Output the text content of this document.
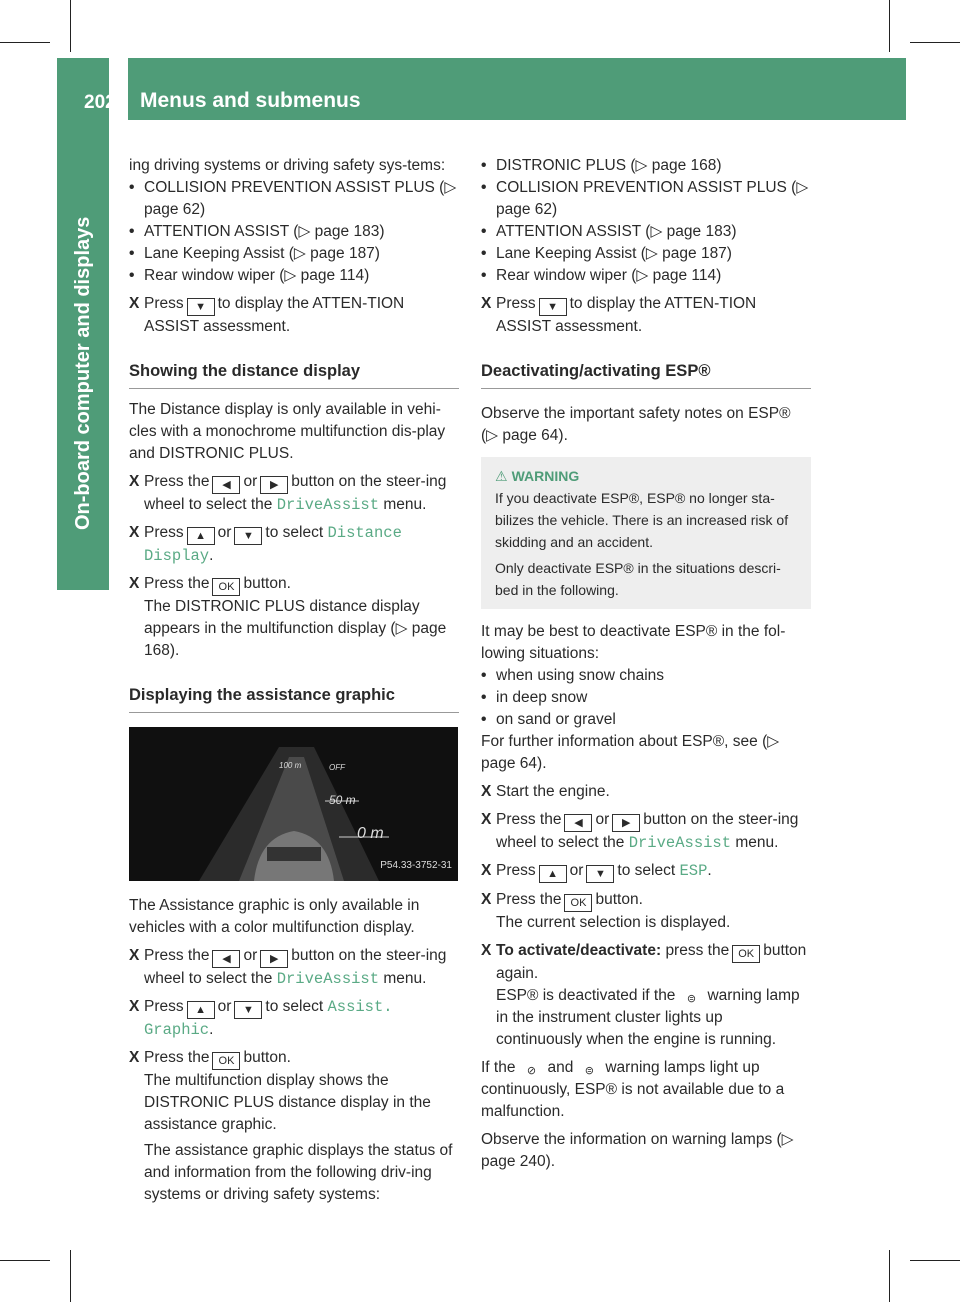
202 Menus and submenus
On-board computer and displays

ing driving systems or driving safety sys-tems:

• COLLISION PREVENTION ASSIST PLUS (▷ page 62)

• ATTENTION ASSIST (▷ page 183)

• Lane Keeping Assist (▷ page 187)

• Rear window wiper (▷ page 114)

X Press ▼ to display the ATTEN-TION ASSIST assessment.

Showing the distance display

The Distance display is only available in vehi-cles with a monochrome multifunction dis-play and DISTRONIC PLUS.

X Press the ◀ or ▶ button on the steer-ing wheel to select the DriveAssist menu.

X Press ▲ or ▼ to select Distance Display.

X Press the OK button.
The DISTRONIC PLUS distance display appears in the multifunction display (▷ page 168).

Displaying the assistance graphic

100 m	OFF
50 m
0 m
P54.33-3752-31

The Assistance graphic is only available in vehicles with a color multifunction display.

X Press the ◀ or ▶ button on the steer-ing wheel to select the DriveAssist menu.

X Press ▲ or ▼ to select Assist. Graphic.

X Press the OK button.
The multifunction display shows the DISTRONIC PLUS distance display in the assistance graphic.

The assistance graphic displays the status of and information from the following driv-ing systems or driving safety systems:

• DISTRONIC PLUS (▷ page 168)

• COLLISION PREVENTION ASSIST PLUS (▷ page 62)

• ATTENTION ASSIST (▷ page 183)

• Lane Keeping Assist (▷ page 187)

• Rear window wiper (▷ page 114)

X Press ▼ to display the ATTEN-TION ASSIST assessment.

Deactivating/activating ESP®

Observe the important safety notes on ESP® (▷ page 64).

⚠ WARNING

If you deactivate ESP®, ESP® no longer sta-bilizes the vehicle. There is an increased risk of skidding and an accident.

Only deactivate ESP® in the situations descri-bed in the following.

It may be best to deactivate ESP® in the fol-lowing situations:

• when using snow chains

• in deep snow

• on sand or gravel

For further information about ESP®, see (▷ page 64).

X Start the engine.

X Press the ◀ or ▶ button on the steer-ing wheel to select the DriveAssist menu.

X Press ▲ or ▼ to select ESP.

X Press the OK button.
The current selection is displayed.

X To activate/deactivate: press the OK button again.
ESP® is deactivated if the ⊜ warning lamp in the instrument cluster lights up continuously when the engine is running.

If the ⊘ and ⊜ warning lamps light up continuously, ESP® is not available due to a malfunction.

Observe the information on warning lamps (▷ page 240).
